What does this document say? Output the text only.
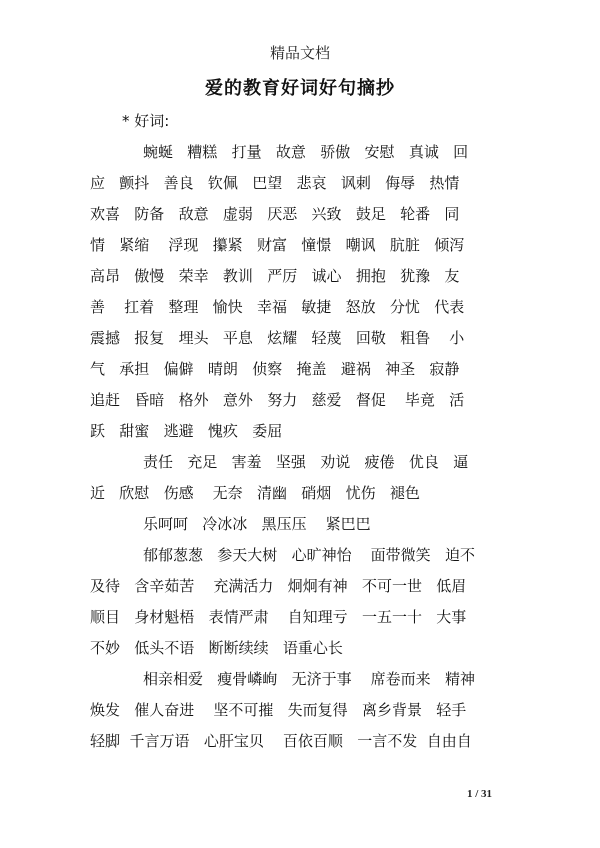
精品文档
爱的教育好词好句摘抄
* 好词:
蜿蜒   糟糕   打量   故意   骄傲   安慰   真诚   回
应   颤抖   善良   钦佩   巴望   悲哀   讽刺   侮辱   热情
欢喜   防备   敌意   虚弱   厌恶   兴致   鼓足   轮番   同
情   紧缩    浮现   攥紧   财富   憧憬   嘲讽   肮脏   倾泻
高昂   傲慢   荣幸   教训   严厉   诚心   拥抱   犹豫   友
善    扛着   整理   愉快   幸福   敏捷   怒放   分忧   代表
震撼   报复   埋头   平息   炫耀   轻蔑   回敬   粗鲁    小
气   承担   偏僻   晴朗   侦察   掩盖   避祸   神圣   寂静
追赶   昏暗   格外   意外   努力   慈爱   督促    毕竟   活
跃   甜蜜   逃避   愧疚   委屈
责任   充足   害羞   坚强   劝说   疲倦   优良   逼
近   欣慰   伤感    无奈   清幽   硝烟   忧伤   褪色
乐呵呵   冷冰冰   黑压压    紧巴巴
郁郁葱葱   参天大树   心旷神怡    面带微笑   迫不
及待   含辛茹苦    充满活力   炯炯有神   不可一世   低眉
顺目   身材魁梧   表情严肃    自知理亏   一五一十   大事
不妙   低头不语   断断续续   语重心长
相亲相爱   瘦骨嶙峋   无济于事    席卷而来   精神
焕发   催人奋进    坚不可摧   失而复得   离乡背景   轻手
轻脚  千言万语   心肝宝贝    百依百顺   一言不发  自由自
1 / 31
